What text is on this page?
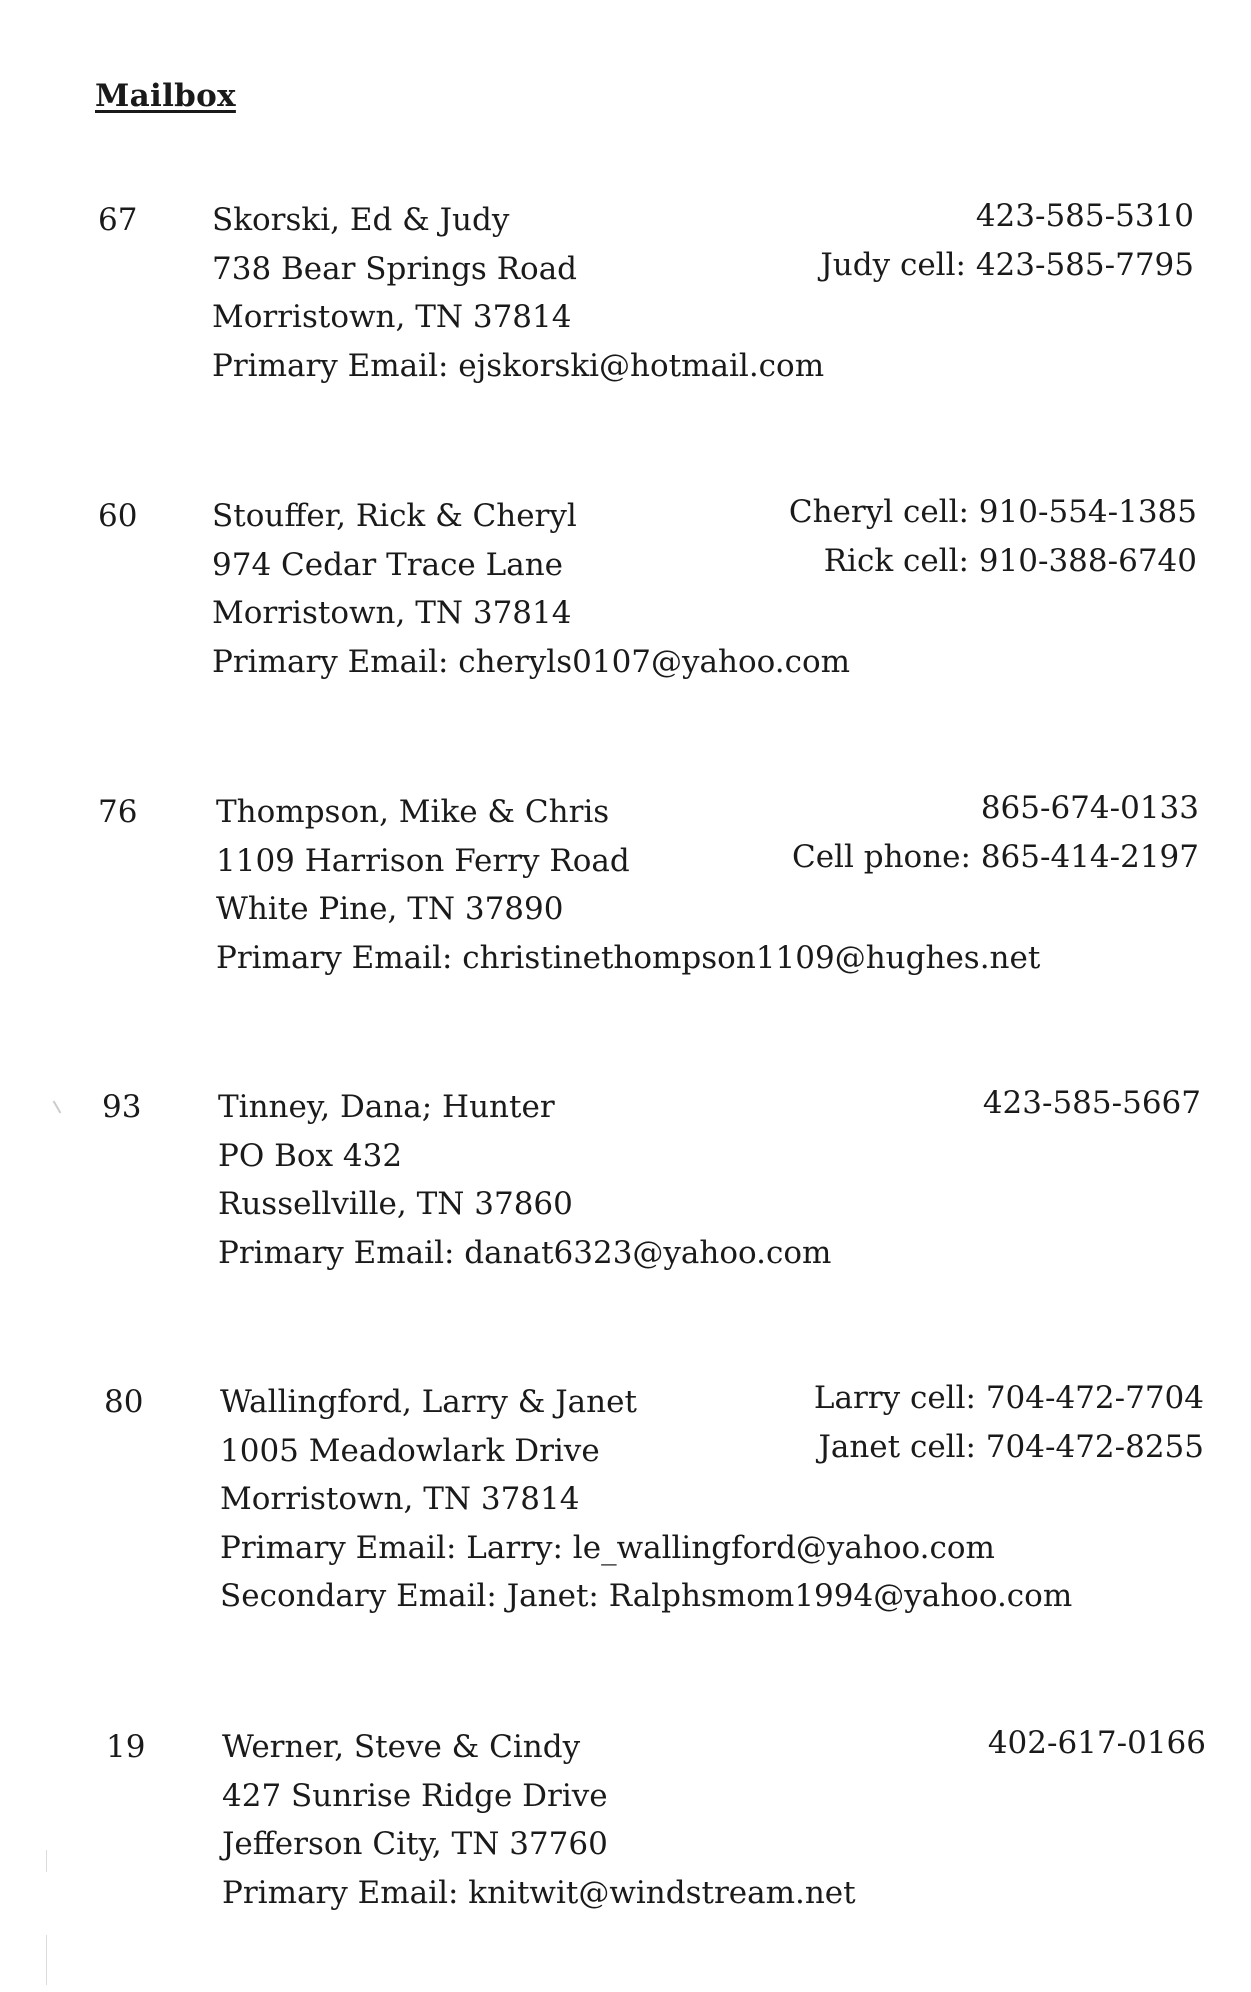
Mailbox
67 Skorski, Ed & Judy
738 Bear Springs Road
Morristown, TN 37814
Primary Email: ejskorski@hotmail.com
423-585-5310
Judy cell: 423-585-7795
60 Stouffer, Rick & Cheryl
974 Cedar Trace Lane
Morristown, TN 37814
Primary Email: cheryls0107@yahoo.com
Cheryl cell: 910-554-1385
Rick cell: 910-388-6740
76	Thompson, Mike & Chris
1109 Harrison Ferry Road
White Pine, TN 37890
Primary Email: christinethompson1109@hughes.net
865-674-0133
Cell phone: 865-414-2197
93 Tinney, Dana; Hunter
PO Box 432
Russellville, TN 37860
Primary Email: danat6323@yahoo.com
423-585-5667
80 Wallingford, Larry & Janet
1005 Meadowlark Drive
Morristown, TN 37814
Primary Email: Larry: le_wallingford@yahoo.com
Secondary Email: Janet: Ralphsmom1994@yahoo.com
Larry cell: 704-472-7704
Janet cell: 704-472-8255
19 Werner, Steve & Cindy
427 Sunrise Ridge Drive
Jefferson City, TN 37760
Primary Email: knitwit@windstream.net
402-617-0166
